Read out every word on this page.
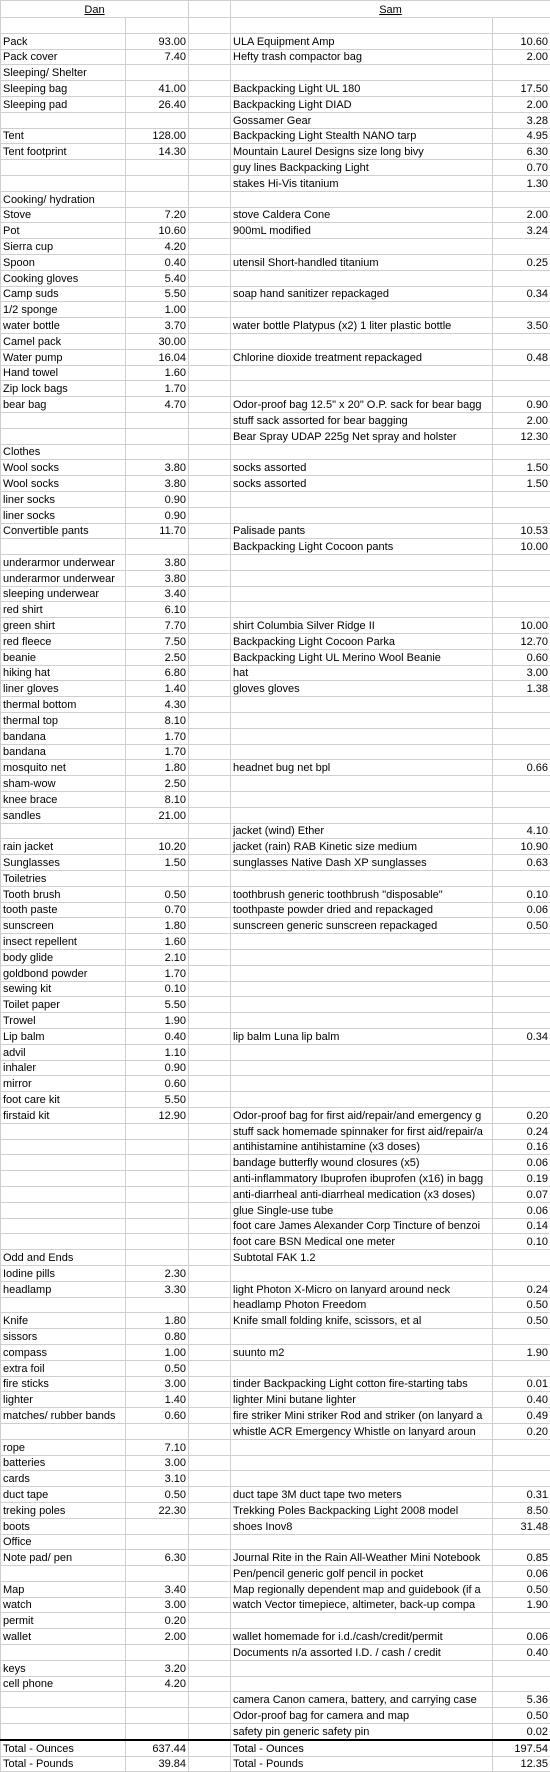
Dan			Sam	

Pack	93.00		ULA Equipment Amp	10.60
Pack cover	7.40		Hefty trash compactor bag	2.00
Sleeping/ Shelter				
Sleeping bag	41.00		Backpacking Light UL 180	17.50
Sleeping pad	26.40		Backpacking Light DIAD	2.00
			Gossamer Gear	3.28
Tent	128.00		Backpacking Light Stealth NANO tarp	4.95
Tent footprint	14.30		Mountain Laurel Designs size long bivy	6.30
			guy lines Backpacking Light	0.70
			stakes Hi-Vis titanium	1.30
Cooking/ hydration				
Stove	7.20		stove Caldera Cone	2.00
Pot	10.60		900mL modified	3.24
Sierra cup	4.20			
Spoon	0.40		utensil Short-handled titanium	0.25
Cooking gloves	5.40			
Camp suds	5.50		soap hand sanitizer repackaged	0.34
1/2 sponge	1.00			
water bottle	3.70		water bottle Platypus (x2) 1 liter plastic bottle	3.50
Camel pack	30.00			
Water pump	16.04		Chlorine dioxide treatment repackaged	0.48
Hand towel	1.60			
Zip lock bags	1.70			
bear bag	4.70		Odor-proof bag 12.5" x 20" O.P. sack for bear bagg	0.90
			stuff sack assorted for bear bagging	2.00
			Bear Spray UDAP 225g Net spray and holster	12.30
Clothes				
Wool socks	3.80		socks assorted	1.50
Wool socks	3.80		socks assorted	1.50
liner socks	0.90			
liner socks	0.90			
Convertible pants	11.70		Palisade pants	10.53
			Backpacking Light Cocoon pants	10.00
underarmor underwear	3.80			
underarmor underwear	3.80			
sleeping underwear	3.40			
red shirt	6.10			
green shirt	7.70		shirt Columbia Silver Ridge II	10.00
red fleece	7.50		Backpacking Light Cocoon Parka	12.70
beanie	2.50		Backpacking Light UL Merino Wool Beanie	0.60
hiking hat	6.80		hat	3.00
liner gloves	1.40		gloves gloves	1.38
thermal bottom	4.30			
thermal top	8.10			
bandana	1.70			
bandana	1.70			
mosquito net	1.80		headnet bug net bpl	0.66
sham-wow	2.50			
knee brace	8.10			
sandles	21.00			
			jacket (wind) Ether	4.10
rain jacket	10.20		jacket (rain) RAB Kinetic size medium	10.90
Sunglasses	1.50		sunglasses Native Dash XP sunglasses	0.63
Toiletries				
Tooth brush	0.50		toothbrush generic toothbrush "disposable"	0.10
tooth paste	0.70		toothpaste powder dried and repackaged	0.06
sunscreen	1.80		sunscreen generic sunscreen repackaged	0.50
insect repellent	1.60			
body glide	2.10			
goldbond powder	1.70			
sewing kit	0.10			
Toilet paper	5.50			
Trowel	1.90			
Lip balm	0.40		lip balm Luna lip balm	0.34
advil	1.10			
inhaler	0.90			
mirror	0.60			
foot care kit	5.50			
firstaid kit	12.90		Odor-proof bag for first aid/repair/and emergency g	0.20
			stuff sack homemade spinnaker for first aid/repair/a	0.24
			antihistamine antihistamine (x3 doses)	0.16
			bandage butterfly wound closures (x5)	0.06
			anti-inflammatory Ibuprofen ibuprofen (x16) in bagg	0.19
			anti-diarrheal anti-diarrheal medication (x3 doses)	0.07
			glue Single-use tube	0.06
			foot care James Alexander Corp Tincture of benzoi	0.14
			foot care BSN Medical one meter	0.10
Odd and Ends			Subtotal FAK 1.2	
Iodine pills	2.30			
headlamp	3.30		light Photon X-Micro on lanyard around neck	0.24
			headlamp Photon Freedom	0.50
Knife	1.80		Knife small folding knife, scissors, et al	0.50
sissors	0.80			
compass	1.00		suunto m2	1.90
extra foil	0.50			
fire sticks	3.00		tinder Backpacking Light cotton fire-starting tabs	0.01
lighter	1.40		lighter Mini butane lighter	0.40
matches/ rubber bands	0.60		fire striker Mini striker Rod and striker (on lanyard a	0.49
			whistle ACR Emergency Whistle on lanyard aroun	0.20
rope	7.10			
batteries	3.00			
cards	3.10			
duct tape	0.50		duct tape 3M duct tape two meters	0.31
treking poles	22.30		Trekking Poles Backpacking Light 2008 model	8.50
boots			shoes Inov8	31.48
Office				
Note pad/ pen	6.30		Journal Rite in the Rain All-Weather Mini Notebook	0.85
			Pen/pencil generic golf pencil in pocket	0.06
Map	3.40		Map regionally dependent map and guidebook (if a	0.50
watch	3.00		watch Vector timepiece, altimeter, back-up compa	1.90
permit	0.20			
wallet	2.00		wallet homemade for i.d./cash/credit/permit	0.06
			Documents n/a assorted I.D. / cash / credit	0.40
keys	3.20			
cell phone	4.20			
			camera Canon camera, battery, and carrying case	5.36
			Odor-proof bag for camera and map	0.50
			safety pin generic safety pin	0.02
Total - Ounces	637.44		Total - Ounces	197.54
Total - Pounds	39.84		Total - Pounds	12.35
